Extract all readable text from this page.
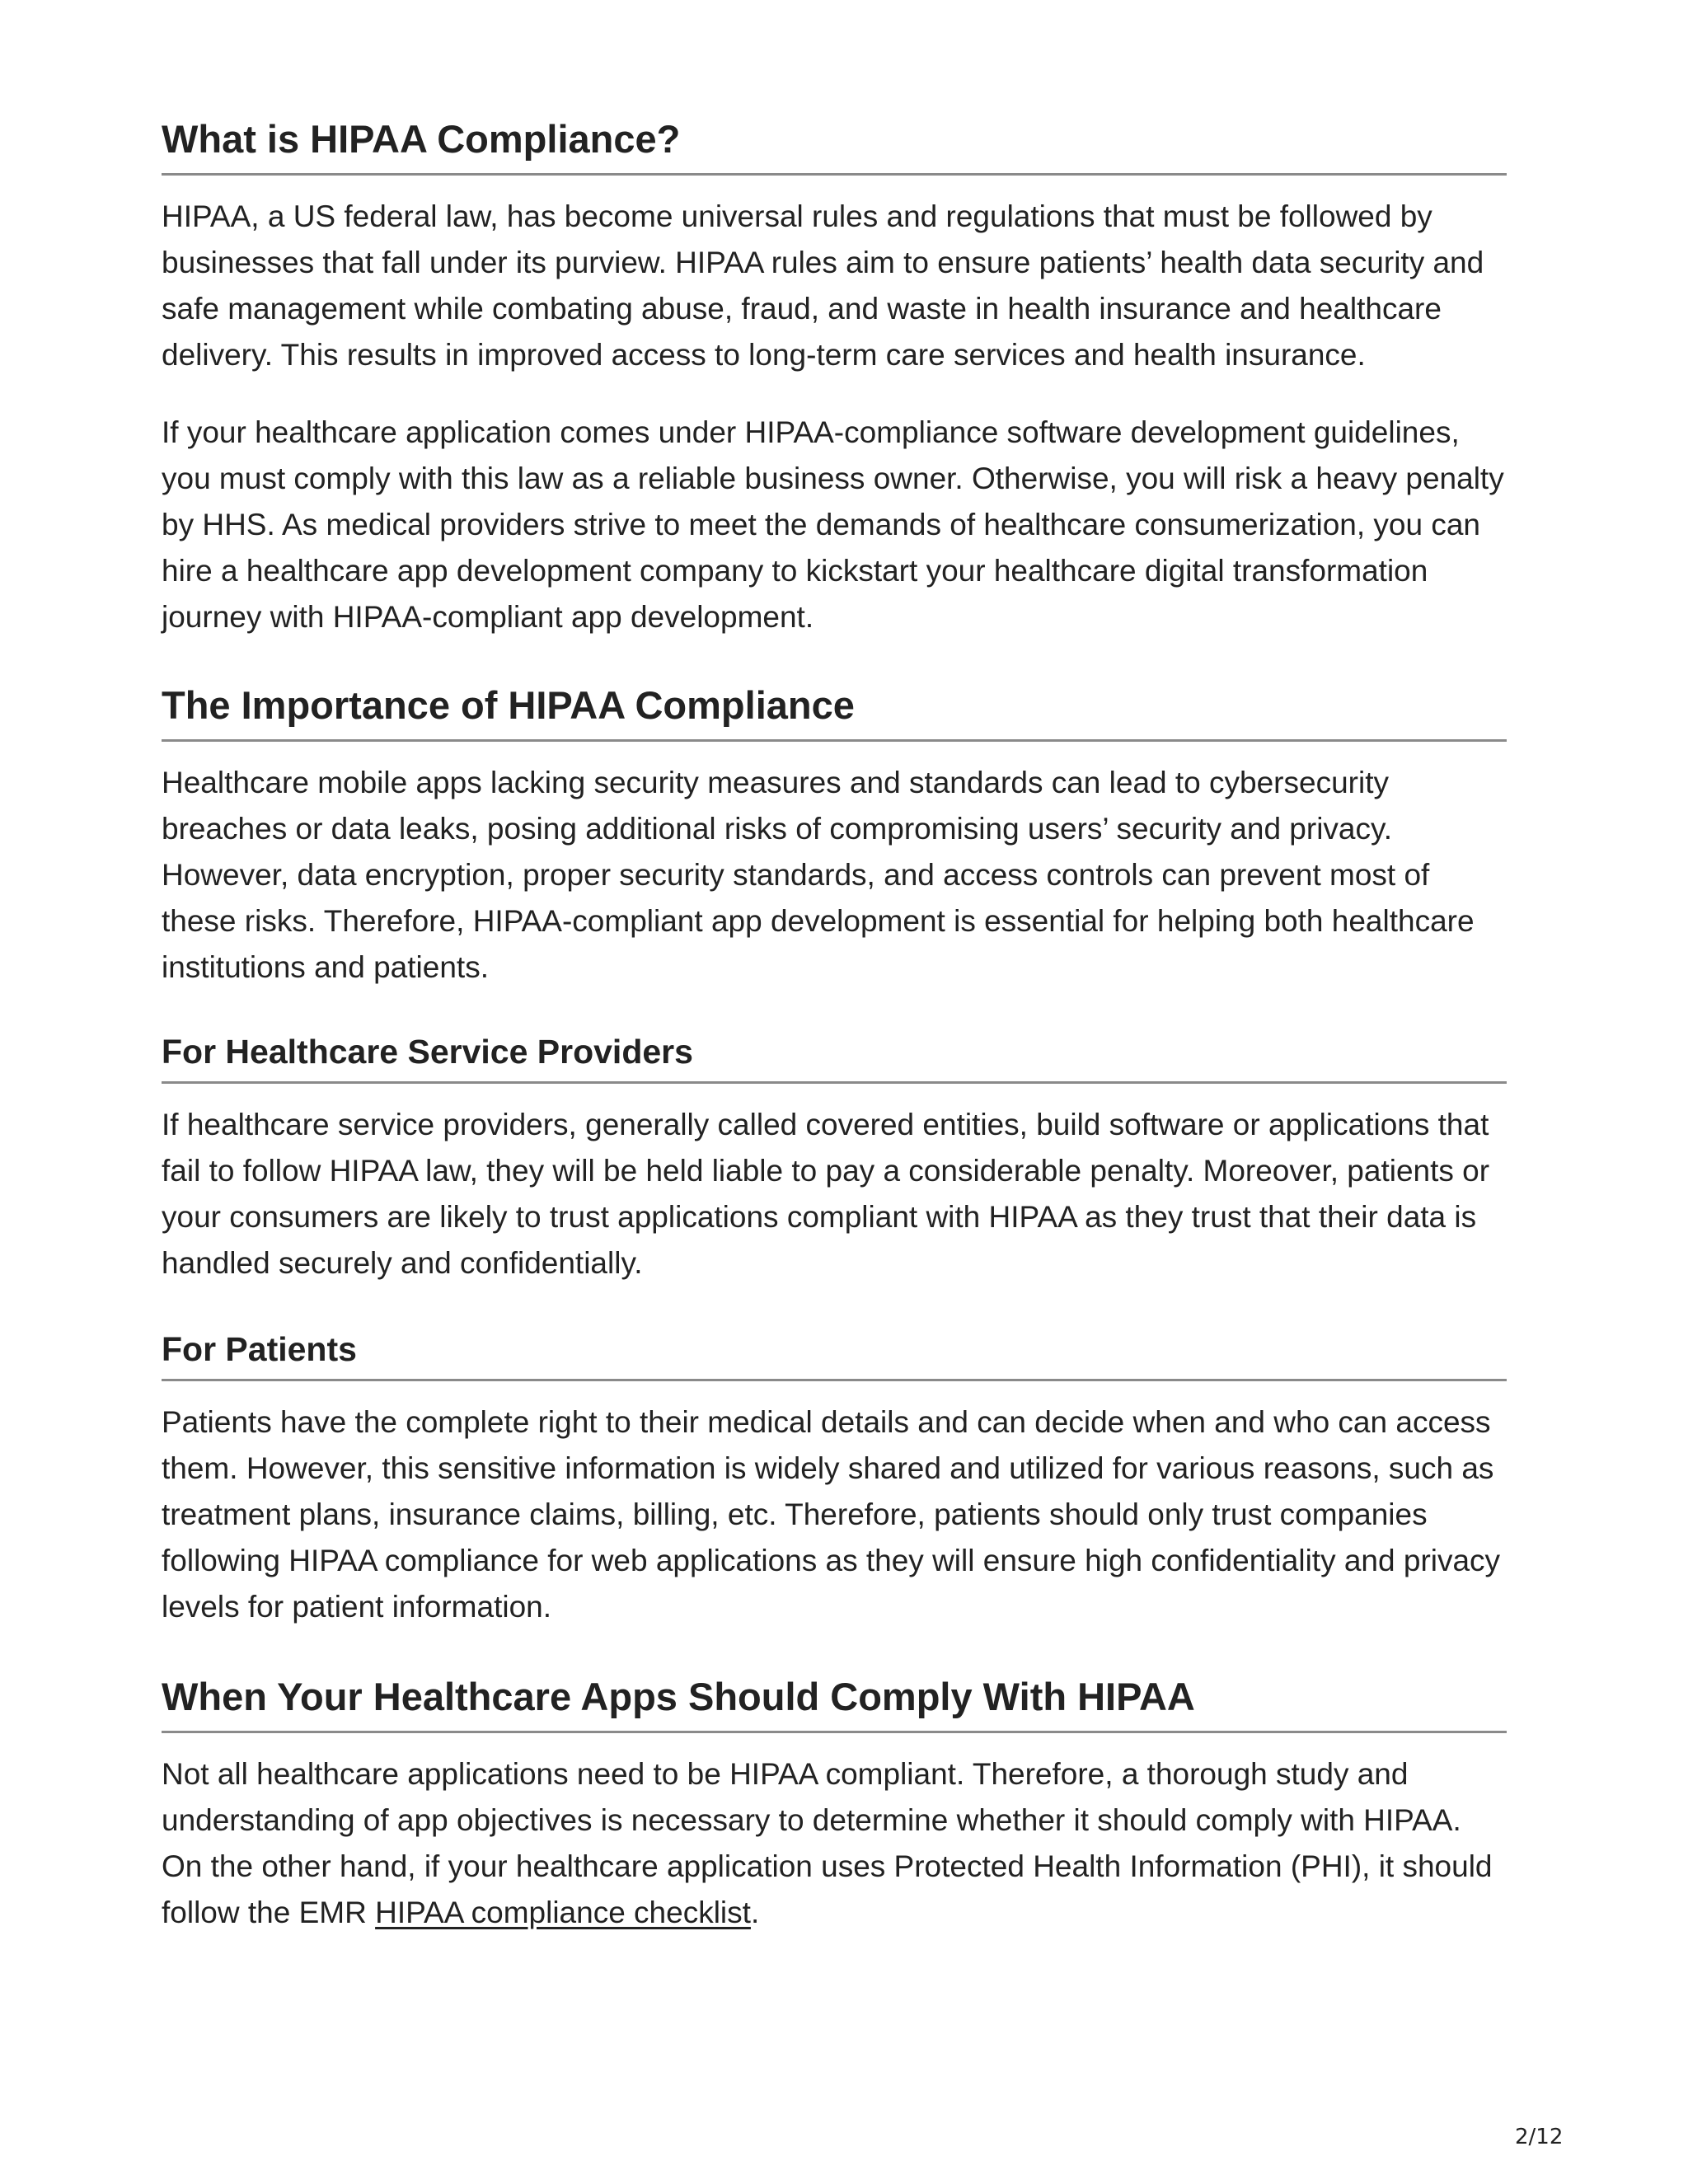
What is HIPAA Compliance?

HIPAA, a US federal law, has become universal rules and regulations that must be followed by businesses that fall under its purview. HIPAA rules aim to ensure patients’ health data security and safe management while combating abuse, fraud, and waste in health insurance and healthcare delivery. This results in improved access to long-term care services and health insurance.

If your healthcare application comes under HIPAA-compliance software development guidelines, you must comply with this law as a reliable business owner. Otherwise, you will risk a heavy penalty by HHS. As medical providers strive to meet the demands of healthcare consumerization, you can hire a healthcare app development company to kickstart your healthcare digital transformation journey with HIPAA-compliant app development.

The Importance of HIPAA Compliance

Healthcare mobile apps lacking security measures and standards can lead to cybersecurity breaches or data leaks, posing additional risks of compromising users’ security and privacy. However, data encryption, proper security standards, and access controls can prevent most of these risks. Therefore, HIPAA-compliant app development is essential for helping both healthcare institutions and patients.

For Healthcare Service Providers

If healthcare service providers, generally called covered entities, build software or applications that fail to follow HIPAA law, they will be held liable to pay a considerable penalty. Moreover, patients or your consumers are likely to trust applications compliant with HIPAA as they trust that their data is handled securely and confidentially.

For Patients

Patients have the complete right to their medical details and can decide when and who can access them. However, this sensitive information is widely shared and utilized for various reasons, such as treatment plans, insurance claims, billing, etc. Therefore, patients should only trust companies following HIPAA compliance for web applications as they will ensure high confidentiality and privacy levels for patient information.

When Your Healthcare Apps Should Comply With HIPAA

Not all healthcare applications need to be HIPAA compliant. Therefore, a thorough study and understanding of app objectives is necessary to determine whether it should comply with HIPAA. On the other hand, if your healthcare application uses Protected Health Information (PHI), it should follow the EMR HIPAA compliance checklist.

2/12
